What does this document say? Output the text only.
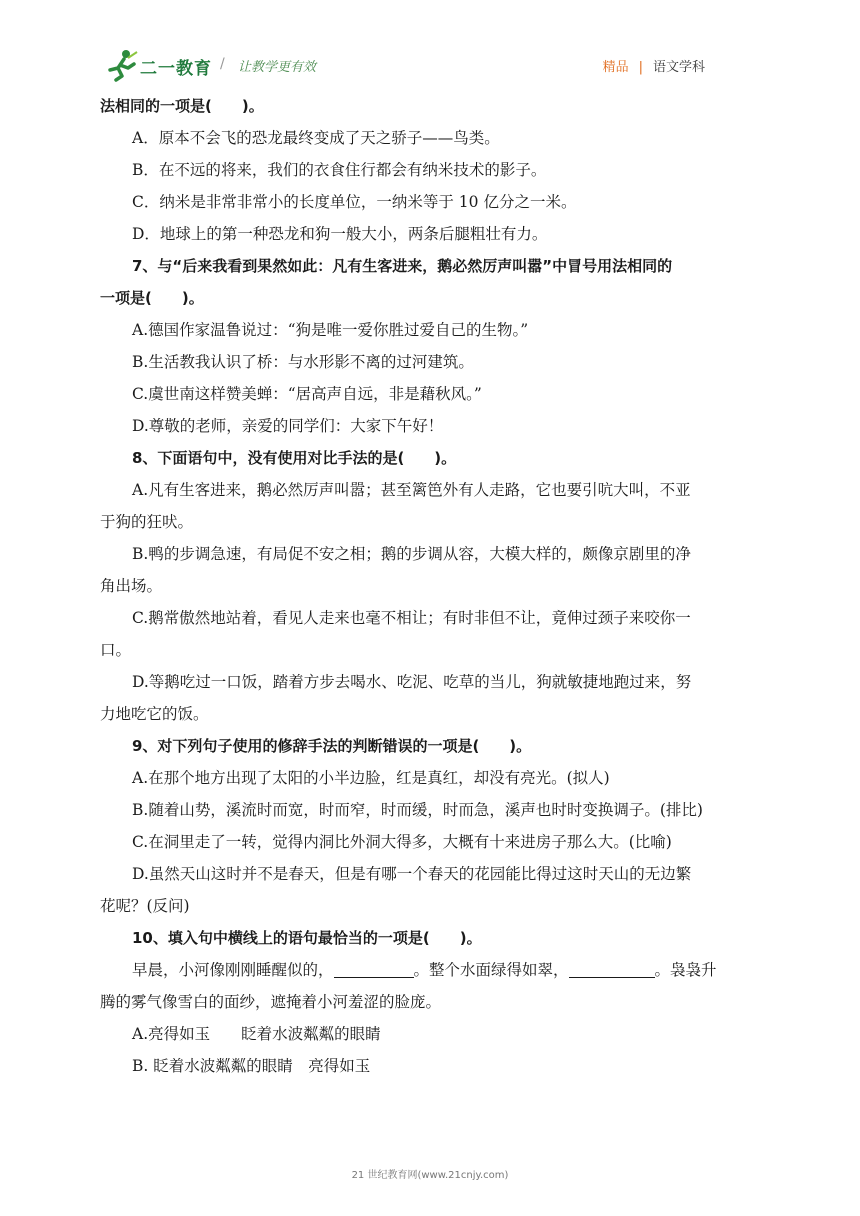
二一教育 / 让教学更有效	精品 | 语文学科
法相同的一项是(　　)。
A．原本不会飞的恐龙最终变成了天之骄子——鸟类。
B．在不远的将来，我们的衣食住行都会有纳米技术的影子。
C．纳米是非常非常小的长度单位，一纳米等于 10 亿分之一米。
D．地球上的第一种恐龙和狗一般大小，两条后腿粗壮有力。
7、与“后来我看到果然如此：凡有生客进来，鹅必然厉声叫嚣”中冒号用法相同的
一项是(　　)。
A.德国作家温鲁说过：“狗是唯一爱你胜过爱自己的生物。”
B.生活教我认识了桥：与水形影不离的过河建筑。
C.虞世南这样赞美蝉：“居高声自远，非是藉秋风。”
D.尊敬的老师，亲爱的同学们：大家下午好！
8、下面语句中，没有使用对比手法的是(　　)。
A.凡有生客进来，鹅必然厉声叫嚣；甚至篱笆外有人走路，它也要引吭大叫，不亚
于狗的狂吠。
B.鸭的步调急速，有局促不安之相；鹅的步调从容，大模大样的，颇像京剧里的净
角出场。
C.鹅常傲然地站着，看见人走来也毫不相让；有时非但不让，竟伸过颈子来咬你一
口。
D.等鹅吃过一口饭，踏着方步去喝水、吃泥、吃草的当儿，狗就敏捷地跑过来，努
力地吃它的饭。
9、对下列句子使用的修辞手法的判断错误的一项是(　　)。
A.在那个地方出现了太阳的小半边脸，红是真红，却没有亮光。(拟人)
B.随着山势，溪流时而宽，时而窄，时而缓，时而急，溪声也时时变换调子。(排比)
C.在洞里走了一转，觉得内洞比外洞大得多，大概有十来进房子那么大。(比喻)
D.虽然天山这时并不是春天，但是有哪一个春天的花园能比得过这时天山的无边繁
花呢？(反问)
10、填入句中横线上的语句最恰当的一项是(　　)。
早晨，小河像刚刚睡醒似的，	。整个水面绿得如翠，	。袅袅升
腾的雾气像雪白的面纱，遮掩着小河羞涩的脸庞。
A.亮得如玉　　眨着水波粼粼的眼睛
B. 眨着水波粼粼的眼睛　亮得如玉
21 世纪教育网(www.21cnjy.com)
